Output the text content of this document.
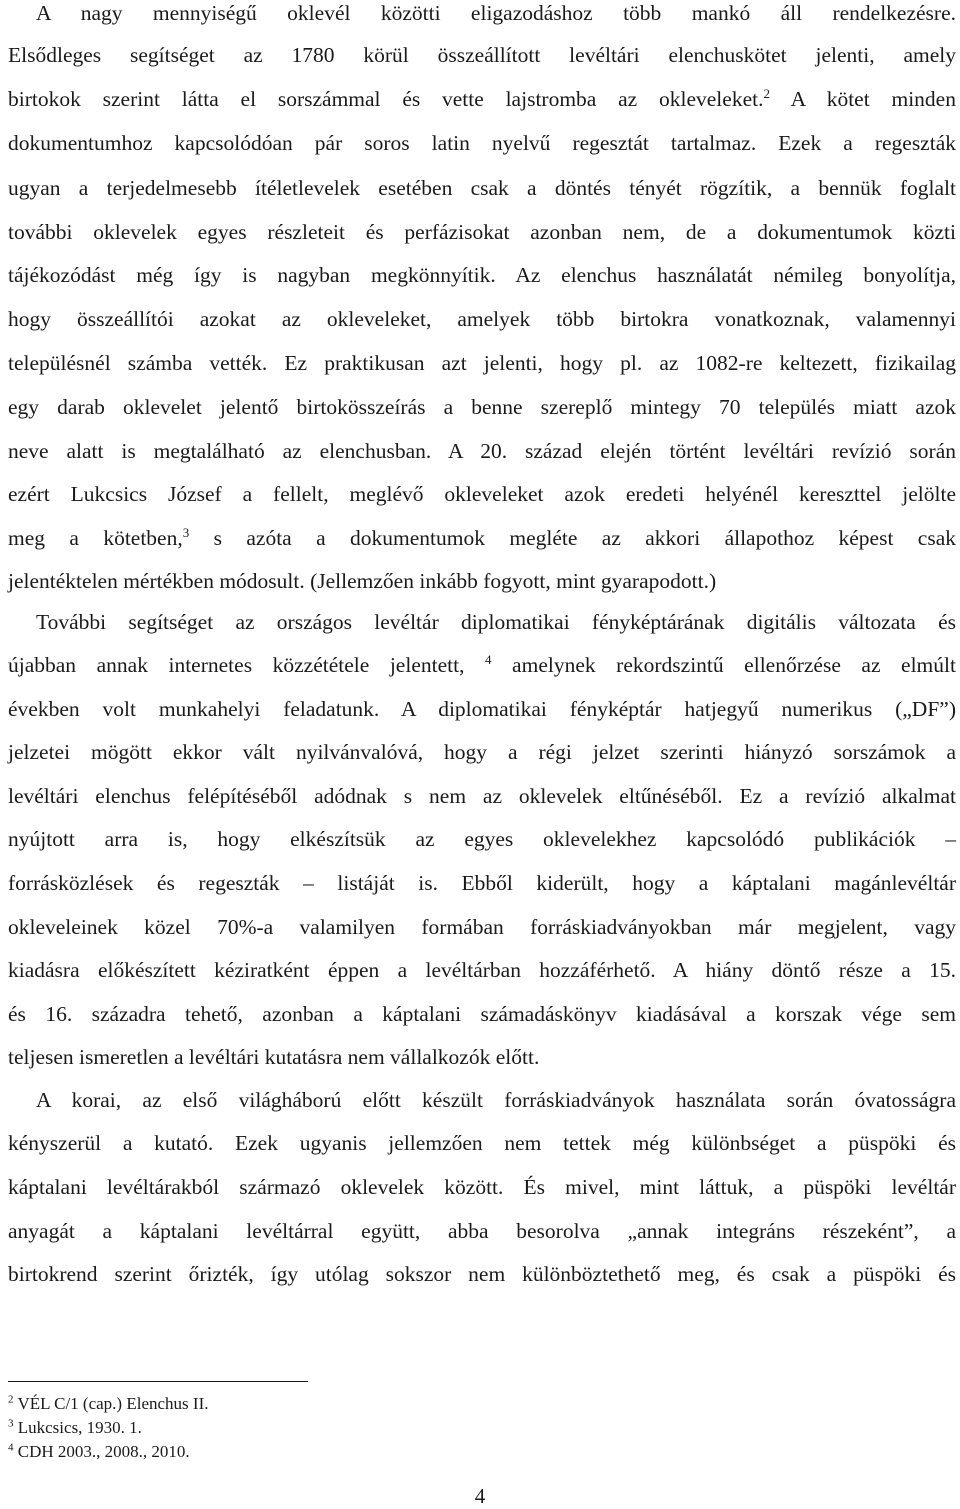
A nagy mennyiségű oklevél közötti eligazodáshoz több mankó áll rendelkezésre.
Elsődleges segítséget az 1780 körül összeállított levéltári elenchuskötet jelenti, amely
birtokok szerint látta el sorszámmal és vette lajstromba az okleveleket.$^2$ A kötet minden
dokumentumhoz kapcsolódóan pár soros latin nyelvű regesztát tartalmaz. Ezek a regeszták
ugyan a terjedelmesebb ítéletlevelek esetében csak a döntés tényét rögzítik, a bennük foglalt
további oklevelek egyes részleteit és perfázisokat azonban nem, de a dokumentumok közti
tájékozódást még így is nagyban megkönnyítik. Az elenchus használatát némileg bonyolítja,
hogy összeállítói azokat az okleveleket, amelyek több birtokra vonatkoznak, valamennyi
településnél számba vették. Ez praktikusan azt jelenti, hogy pl. az 1082-re keltezett, fizikailag
egy darab oklevelet jelentő birtokösszeírás a benne szereplő mintegy 70 település miatt azok
neve alatt is megtalálható az elenchusban. A 20. század elején történt levéltári revízió során
ezért Lukcsics József a fellelt, meglévő okleveleket azok eredeti helyénél kereszttel jelölte
meg a kötetben,$^3$ s azóta a dokumentumok megléte az akkori állapothoz képest csak
jelentéktelen mértékben módosult. (Jellemzően inkább fogyott, mint gyarapodott.)
További segítséget az országos levéltár diplomatikai fényképtárának digitális változata és
újabban annak internetes közzététele jelentett, $^4$ amelynek rekordszintű ellenőrzése az elmúlt
években volt munkahelyi feladatunk. A diplomatikai fényképtár hatjegyű numerikus („DF”)
jelzetei mögött ekkor vált nyilvánvalóvá, hogy a régi jelzet szerinti hiányzó sorszámok a
levéltári elenchus felépítéséből adódnak s nem az oklevelek eltűnéséből. Ez a revízió alkalmat
nyújtott arra is, hogy elkészítsük az egyes oklevelekhez kapcsolódó publikációk –
forrásközlések és regeszták – listáját is. Ebből kiderült, hogy a káptalani magánlevéltár
okleveleinek közel 70%-a valamilyen formában forráskiadványokban már megjelent, vagy
kiadásra előkészített kéziratként éppen a levéltárban hozzáférhető. A hiány döntő része a 15.
és 16. századra tehető, azonban a káptalani számadáskönyv kiadásával a korszak vége sem
teljesen ismeretlen a levéltári kutatásra nem vállalkozók előtt.
A korai, az első világháború előtt készült forráskiadványok használata során óvatosságra
kényszerül a kutató. Ezek ugyanis jellemzően nem tettek még különbséget a püspöki és
káptalani levéltárakból származó oklevelek között. És mivel, mint láttuk, a püspöki levéltár
anyagát a káptalani levéltárral együtt, abba besorolva „annak integráns részeként”, a
birtokrend szerint őrizték, így utólag sokszor nem különböztethető meg, és csak a püspöki és
$^2$ VÉL C/1 (cap.) Elenchus II.
$^3$ Lukcsics, 1930. 1.
$^4$ CDH 2003., 2008., 2010.
4
